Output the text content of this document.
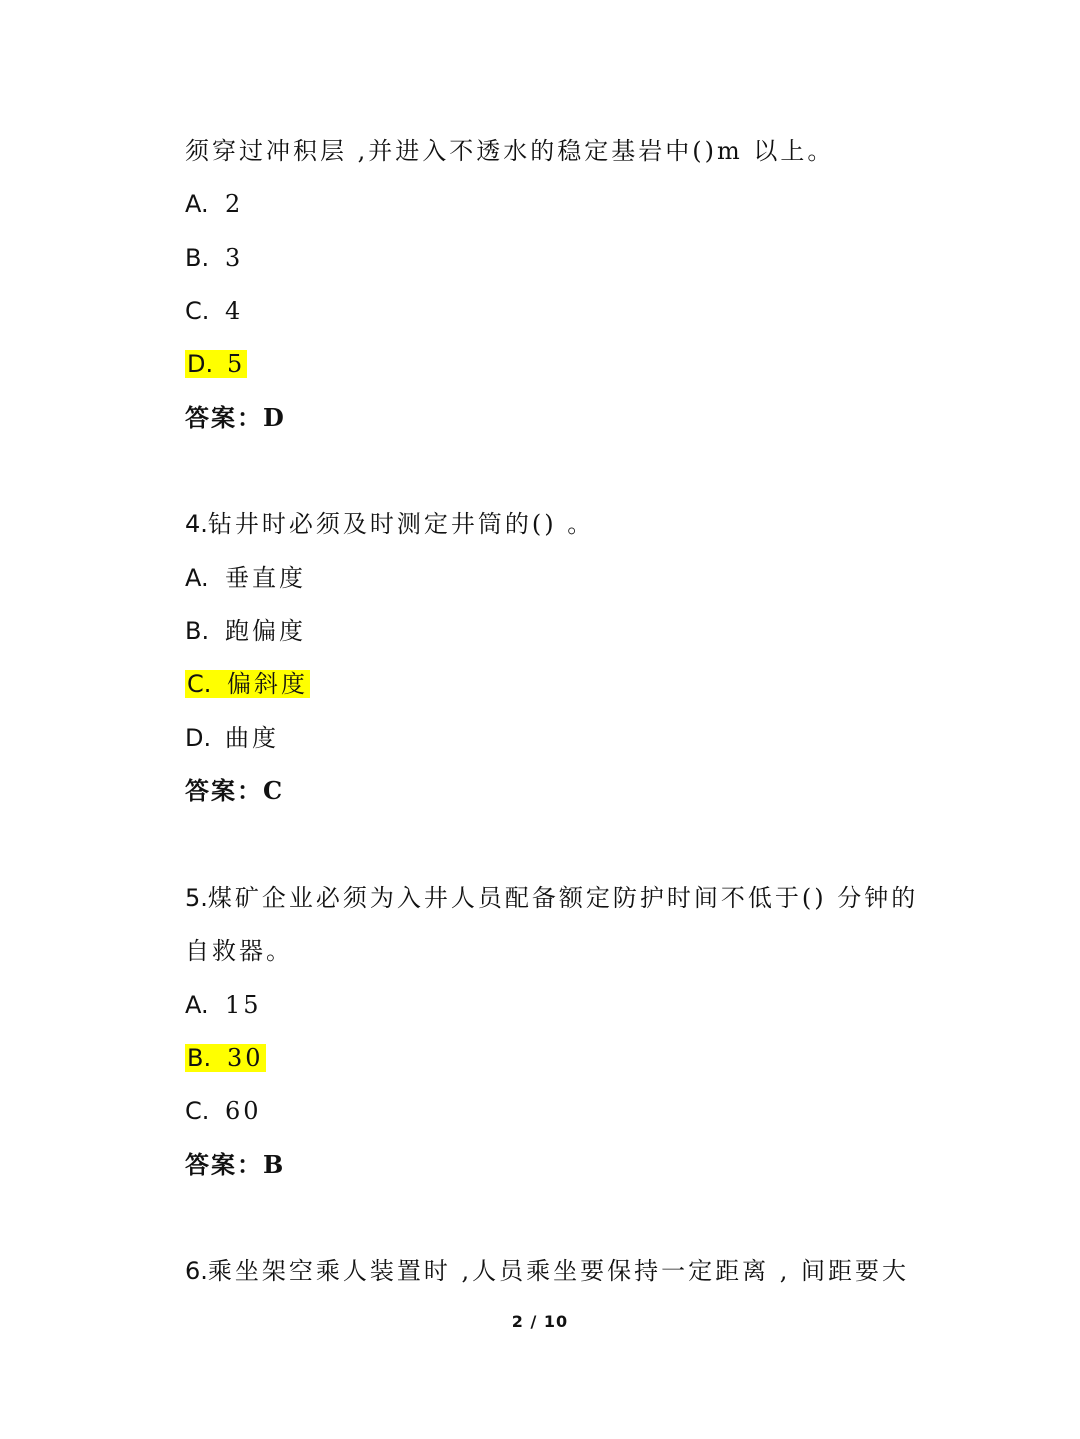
须穿过冲积层 ,并进入不透水的稳定基岩中()m 以上。
A. 2
B. 3
C. 4
D. 5
答案：D
4.钻井时必须及时测定井筒的() 。
A. 垂直度
B. 跑偏度
C. 偏斜度
D. 曲度
答案：C
5.煤矿企业必须为入井人员配备额定防护时间不低于() 分钟的
自救器。
A. 15
B. 30
C. 60
答案：B
6.乘坐架空乘人装置时 ,人员乘坐要保持一定距离 , 间距要大
2 / 10
